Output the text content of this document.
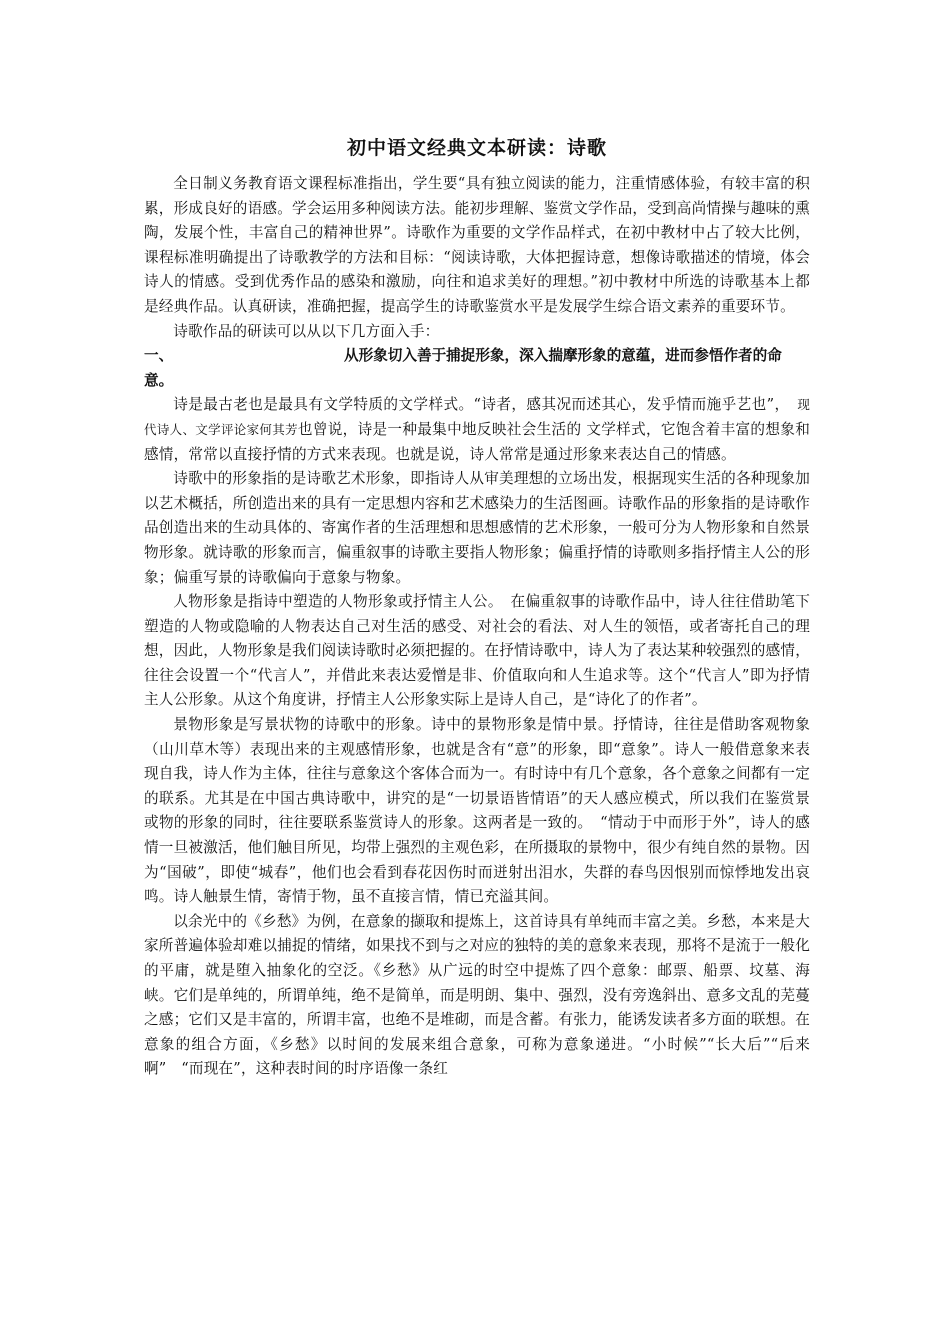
初中语文经典文本研读：诗歌

全日制义务教育语文课程标准指出，学生要“具有独立阅读的能力，注重情感体验，有较丰富的积累，形成良好的语感。学会运用多种阅读方法。能初步理解、鉴赏文学作品，受到高尚情操与趣味的熏陶，发展个性，丰富自己的精神世界”。诗歌作为重要的文学作品样式，在初中教材中占了较大比例，课程标准明确提出了诗歌教学的方法和目标：“阅读诗歌，大体把握诗意，想像诗歌描述的情境，体会诗人的情感。受到优秀作品的感染和激励，向往和追求美好的理想。”初中教材中所选的诗歌基本上都是经典作品。认真研读，准确把握，提高学生的诗歌鉴赏水平是发展学生综合语文素养的重要环节。

诗歌作品的研读可以从以下几方面入手：

一、	从形象切入善于捕捉形象，深入揣摩形象的意蕴，进而参悟作者的命意。

诗是最古老也是最具有文学特质的文学样式。“诗者，感其况而述其心，发乎情而施乎艺也”，　 现代诗人、文学评论家何其芳也曾说，诗是一种最集中地反映社会生活的 文学样式，它饱含着丰富的想象和感情，常常以直接抒情的方式来表现。也就是说，诗人常常是通过形象来表达自己的情感。

诗歌中的形象指的是诗歌艺术形象，即指诗人从审美理想的立场出发，根据现实生活的各种现象加以艺术概括，所创造出来的具有一定思想内容和艺术感染力的生活图画。诗歌作品的形象指的是诗歌作品创造出来的生动具体的、寄寓作者的生活理想和思想感情的艺术形象，一般可分为人物形象和自然景物形象。就诗歌的形象而言，偏重叙事的诗歌主要指人物形象；偏重抒情的诗歌则多指抒情主人公的形象；偏重写景的诗歌偏向于意象与物象。

人物形象是指诗中塑造的人物形象或抒情主人公。　在偏重叙事的诗歌作品中，诗人往往借助笔下塑造的人物或隐喻的人物表达自己对生活的感受、对社会的看法、对人生的领悟，或者寄托自己的理想，因此，人物形象是我们阅读诗歌时必须把握的。在抒情诗歌中，诗人为了表达某种较强烈的感情，往往会设置一个“代言人”，并借此来表达爱憎是非、价值取向和人生追求等。这个“代言人”即为抒情主人公形象。从这个角度讲，抒情主人公形象实际上是诗人自己，是“诗化了的作者”。

景物形象是写景状物的诗歌中的形象。诗中的景物形象是情中景。抒情诗，往往是借助客观物象（山川草木等）表现出来的主观感情形象，也就是含有“意”的形象，即“意象”。诗人一般借意象来表现自我，诗人作为主体，往往与意象这个客体合而为一。有时诗中有几个意象，各个意象之间都有一定的联系。尤其是在中国古典诗歌中，讲究的是“一切景语皆情语”的天人感应模式，所以我们在鉴赏景或物的形象的同时，往往要联系鉴赏诗人的形象。这两者是一致的。　“情动于中而形于外”，诗人的感情一旦被激活，他们触目所见，均带上强烈的主观色彩，在所摄取的景物中，很少有纯自然的景物。因为“国破”，即使“城春”，他们也会看到春花因伤时而迸射出泪水，失群的春鸟因恨别而惊悸地发出哀鸣。诗人触景生情，寄情于物，虽不直接言情，情已充溢其间。

以余光中的《乡愁》为例，在意象的撷取和提炼上，这首诗具有单纯而丰富之美。乡愁，本来是大家所普遍体验却难以捕捉的情绪，如果找不到与之对应的独特的美的意象来表现，那将不是流于一般化的平庸，就是堕入抽象化的空泛。《乡愁》从广远的时空中提炼了四个意象：邮票、船票、坟墓、海峡。它们是单纯的，所谓单纯，绝不是简单，而是明朗、集中、强烈，没有旁逸斜出、意多文乱的芜蔓之感；它们又是丰富的，所谓丰富，也绝不是堆砌，而是含蓄。有张力，能诱发读者多方面的联想。在意象的组合方面，《乡愁》以时间的发展来组合意象，可称为意象递进。“小时候”“长大后”“后来啊”　“而现在”，这种表时间的时序语像一条红
